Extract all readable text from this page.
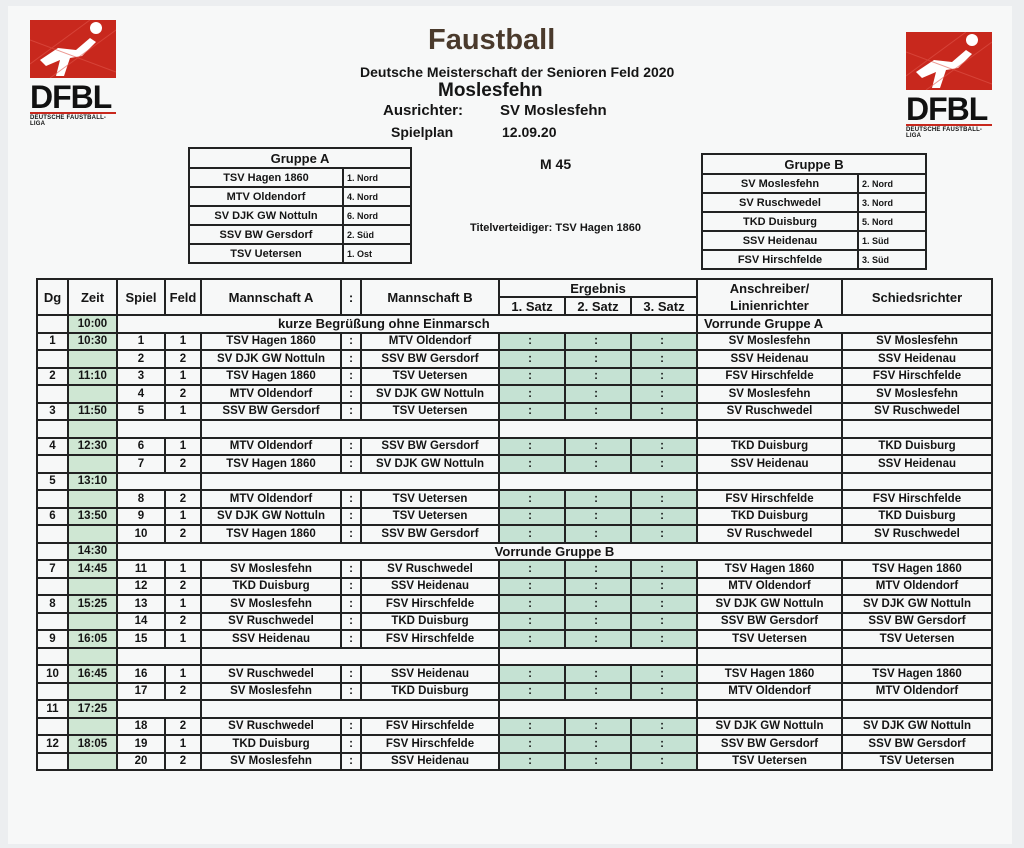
DFBL
DEUTSCHE FAUSTBALL-LIGA	DFBL
DEUTSCHE FAUSTBALL-LIGA
Faustball
Deutsche Meisterschaft der Senioren Feld 2020
Moslesfehn
Ausrichter: SV Moslesfehn
Spielplan	12.09.20
M 45
Titelverteidiger: TSV Hagen 1860
Gruppe A	
TSV Hagen 1860	1. Nord
MTV Oldendorf	4. Nord
SV DJK GW Nottuln	6. Nord
SSV BW Gersdorf	2. Süd
TSV Uetersen	1. Ost
Gruppe B	
SV Moslesfehn	2. Nord
SV Ruschwedel	3. Nord
TKD Duisburg	5. Nord
SSV Heidenau	1. Süd
FSV Hirschfelde	3. Süd
Dg	Zeit	Spiel	Feld	Mannschaft A	:	Mannschaft B	Ergebnis						Anschreiber/ Linienrichter	Schiedsrichter
							1. Satz		2. Satz		3. Satz			
	10:00	kurze Begrüßung ohne Einmarsch											Vorrunde Gruppe A	
1	10:30	1	1	TSV Hagen 1860	:	MTV Oldendorf	:		:		:		SV Moslesfehn	SV Moslesfehn
		2	2	SV DJK GW Nottuln	:	SSV BW Gersdorf	:		:		:		SSV Heidenau	SSV Heidenau
2	11:10	3	1	TSV Hagen 1860	:	TSV Uetersen	:		:		:		FSV Hirschfelde	FSV Hirschfelde
		4	2	MTV Oldendorf	:	SV DJK GW Nottuln	:		:		:		SV Moslesfehn	SV Moslesfehn
3	11:50	5	1	SSV BW Gersdorf	:	TSV Uetersen	:		:		:		SV Ruschwedel	SV Ruschwedel

4	12:30	6	1	MTV Oldendorf	:	SSV BW Gersdorf	:		:		:		TKD Duisburg	TKD Duisburg
		7	2	TSV Hagen 1860	:	SV DJK GW Nottuln	:		:		:		SSV Heidenau	SSV Heidenau
5	13:10													
		8	2	MTV Oldendorf	:	TSV Uetersen	:		:		:		FSV Hirschfelde	FSV Hirschfelde
6	13:50	9	1	SV DJK GW Nottuln	:	TSV Uetersen	:		:		:		TKD Duisburg	TKD Duisburg
		10	2	TSV Hagen 1860	:	SSV BW Gersdorf	:		:		:		SV Ruschwedel	SV Ruschwedel
	14:30	Vorrunde Gruppe B												
7	14:45	11	1	SV Moslesfehn	:	SV Ruschwedel	:		:		:		TSV Hagen 1860	TSV Hagen 1860
		12	2	TKD Duisburg	:	SSV Heidenau	:		:		:		MTV Oldendorf	MTV Oldendorf
8	15:25	13	1	SV Moslesfehn	:	FSV Hirschfelde	:		:		:		SV DJK GW Nottuln	SV DJK GW Nottuln
		14	2	SV Ruschwedel	:	TKD Duisburg	:		:		:		SSV BW Gersdorf	SSV BW Gersdorf
9	16:05	15	1	SSV Heidenau	:	FSV Hirschfelde	:		:		:		TSV Uetersen	TSV Uetersen

10	16:45	16	1	SV Ruschwedel	:	SSV Heidenau	:		:		:		TSV Hagen 1860	TSV Hagen 1860
		17	2	SV Moslesfehn	:	TKD Duisburg	:		:		:		MTV Oldendorf	MTV Oldendorf
11	17:25													
		18	2	SV Ruschwedel	:	FSV Hirschfelde	:		:		:		SV DJK GW Nottuln	SV DJK GW Nottuln
12	18:05	19	1	TKD Duisburg	:	FSV Hirschfelde	:		:		:		SSV BW Gersdorf	SSV BW Gersdorf
		20	2	SV Moslesfehn	:	SSV Heidenau	:		:		:		TSV Uetersen	TSV Uetersen
